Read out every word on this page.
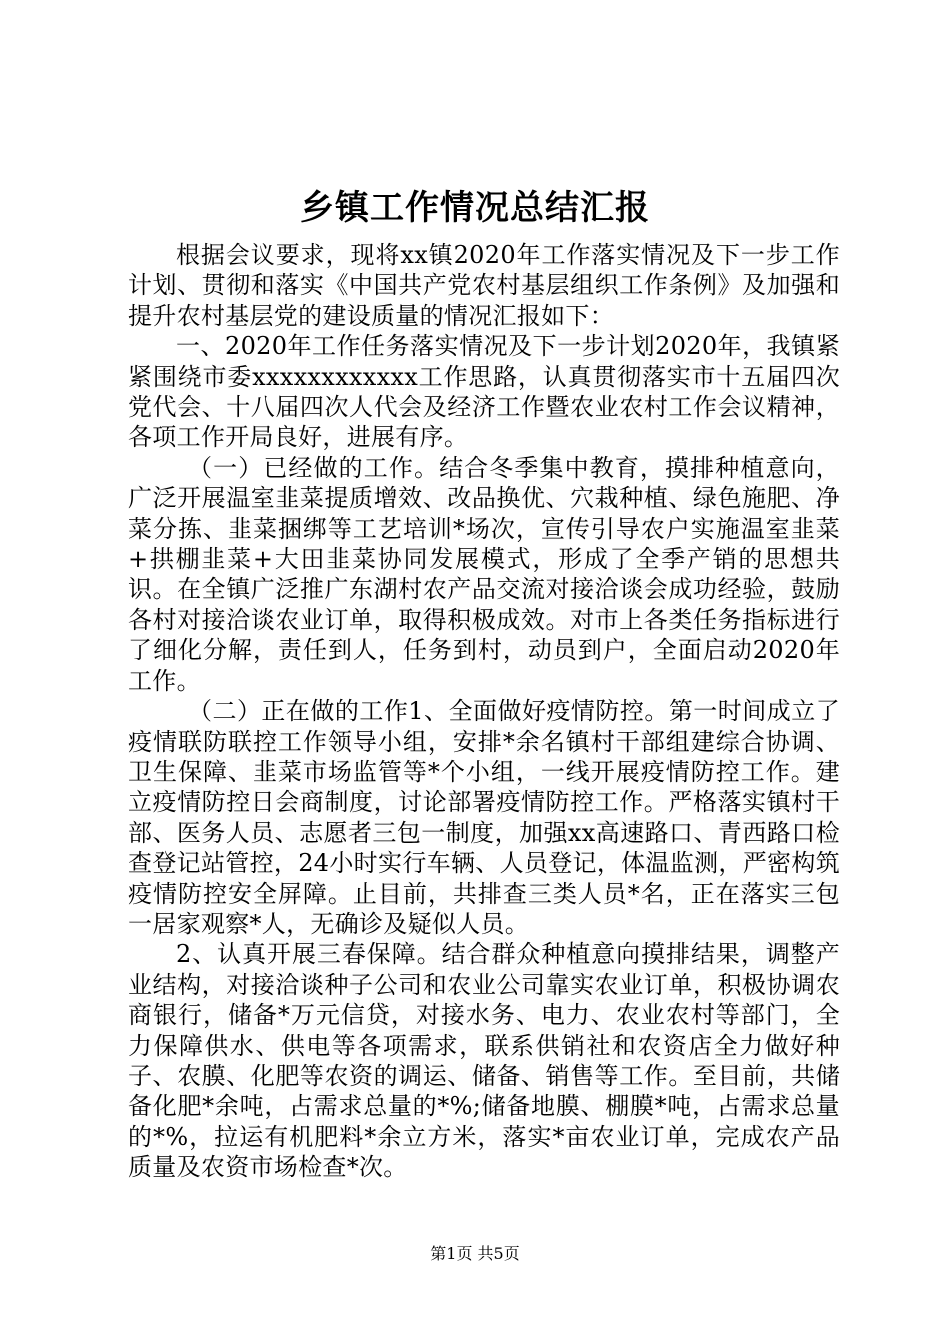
乡镇工作情况总结汇报

根据会议要求，现将xx镇2020年工作落实情况及下一步工作计划、贯彻和落实《中国共产党农村基层组织工作条例》及加强和提升农村基层党的建设质量的情况汇报如下：

一、2020年工作任务落实情况及下一步计划2020年，我镇紧紧围绕市委xxxxxxxxxxxx工作思路，认真贯彻落实市十五届四次党代会、十八届四次人代会及经济工作暨农业农村工作会议精神，各项工作开局良好，进展有序。

（一）已经做的工作。结合冬季集中教育，摸排种植意向，广泛开展温室韭菜提质增效、改品换优、穴栽种植、绿色施肥、净菜分拣、韭菜捆绑等工艺培训*场次，宣传引导农户实施温室韭菜+拱棚韭菜+大田韭菜协同发展模式，形成了全季产销的思想共识。在全镇广泛推广东湖村农产品交流对接洽谈会成功经验，鼓励各村对接洽谈农业订单，取得积极成效。对市上各类任务指标进行了细化分解，责任到人，任务到村，动员到户，全面启动2020年工作。

（二）正在做的工作1、全面做好疫情防控。第一时间成立了疫情联防联控工作领导小组，安排*余名镇村干部组建综合协调、卫生保障、韭菜市场监管等*个小组，一线开展疫情防控工作。建立疫情防控日会商制度，讨论部署疫情防控工作。严格落实镇村干部、医务人员、志愿者三包一制度，加强xx高速路口、青西路口检查登记站管控，24小时实行车辆、人员登记，体温监测，严密构筑疫情防控安全屏障。止目前，共排查三类人员*名，正在落实三包一居家观察*人，无确诊及疑似人员。

2、认真开展三春保障。结合群众种植意向摸排结果，调整产业结构，对接洽谈种子公司和农业公司靠实农业订单，积极协调农商银行，储备*万元信贷，对接水务、电力、农业农村等部门，全力保障供水、供电等各项需求，联系供销社和农资店全力做好种子、农膜、化肥等农资的调运、储备、销售等工作。至目前，共储备化肥*余吨，占需求总量的*%;储备地膜、棚膜*吨，占需求总量的*%，拉运有机肥料*余立方米，落实*亩农业订单，完成农产品质量及农资市场检查*次。

第1页 共5页
